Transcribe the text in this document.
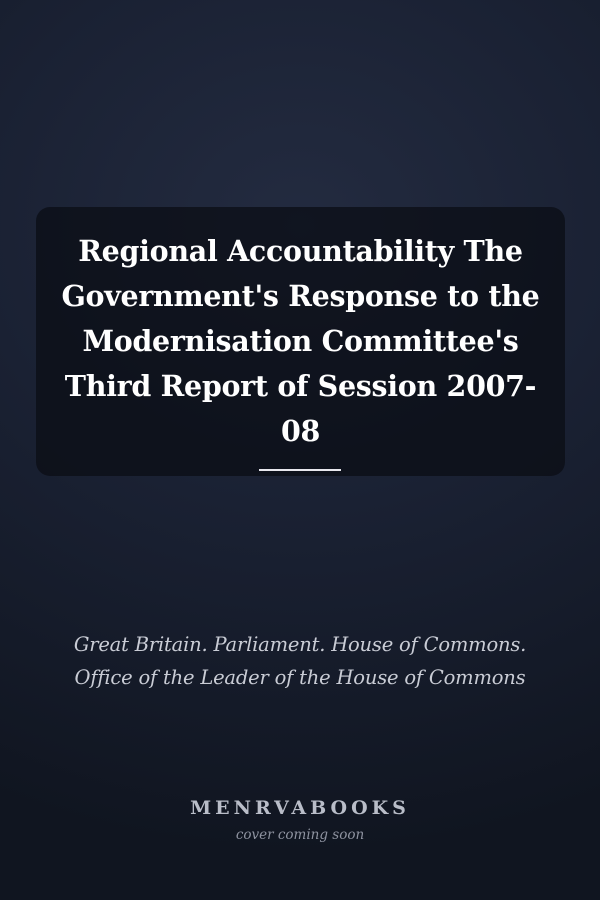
Regional Accountability The Government's Response to the Modernisation Committee's Third Report of Session 2007-08
Great Britain. Parliament. House of Commons.
Office of the Leader of the House of Commons
MENRVABOOKS
cover coming soon
